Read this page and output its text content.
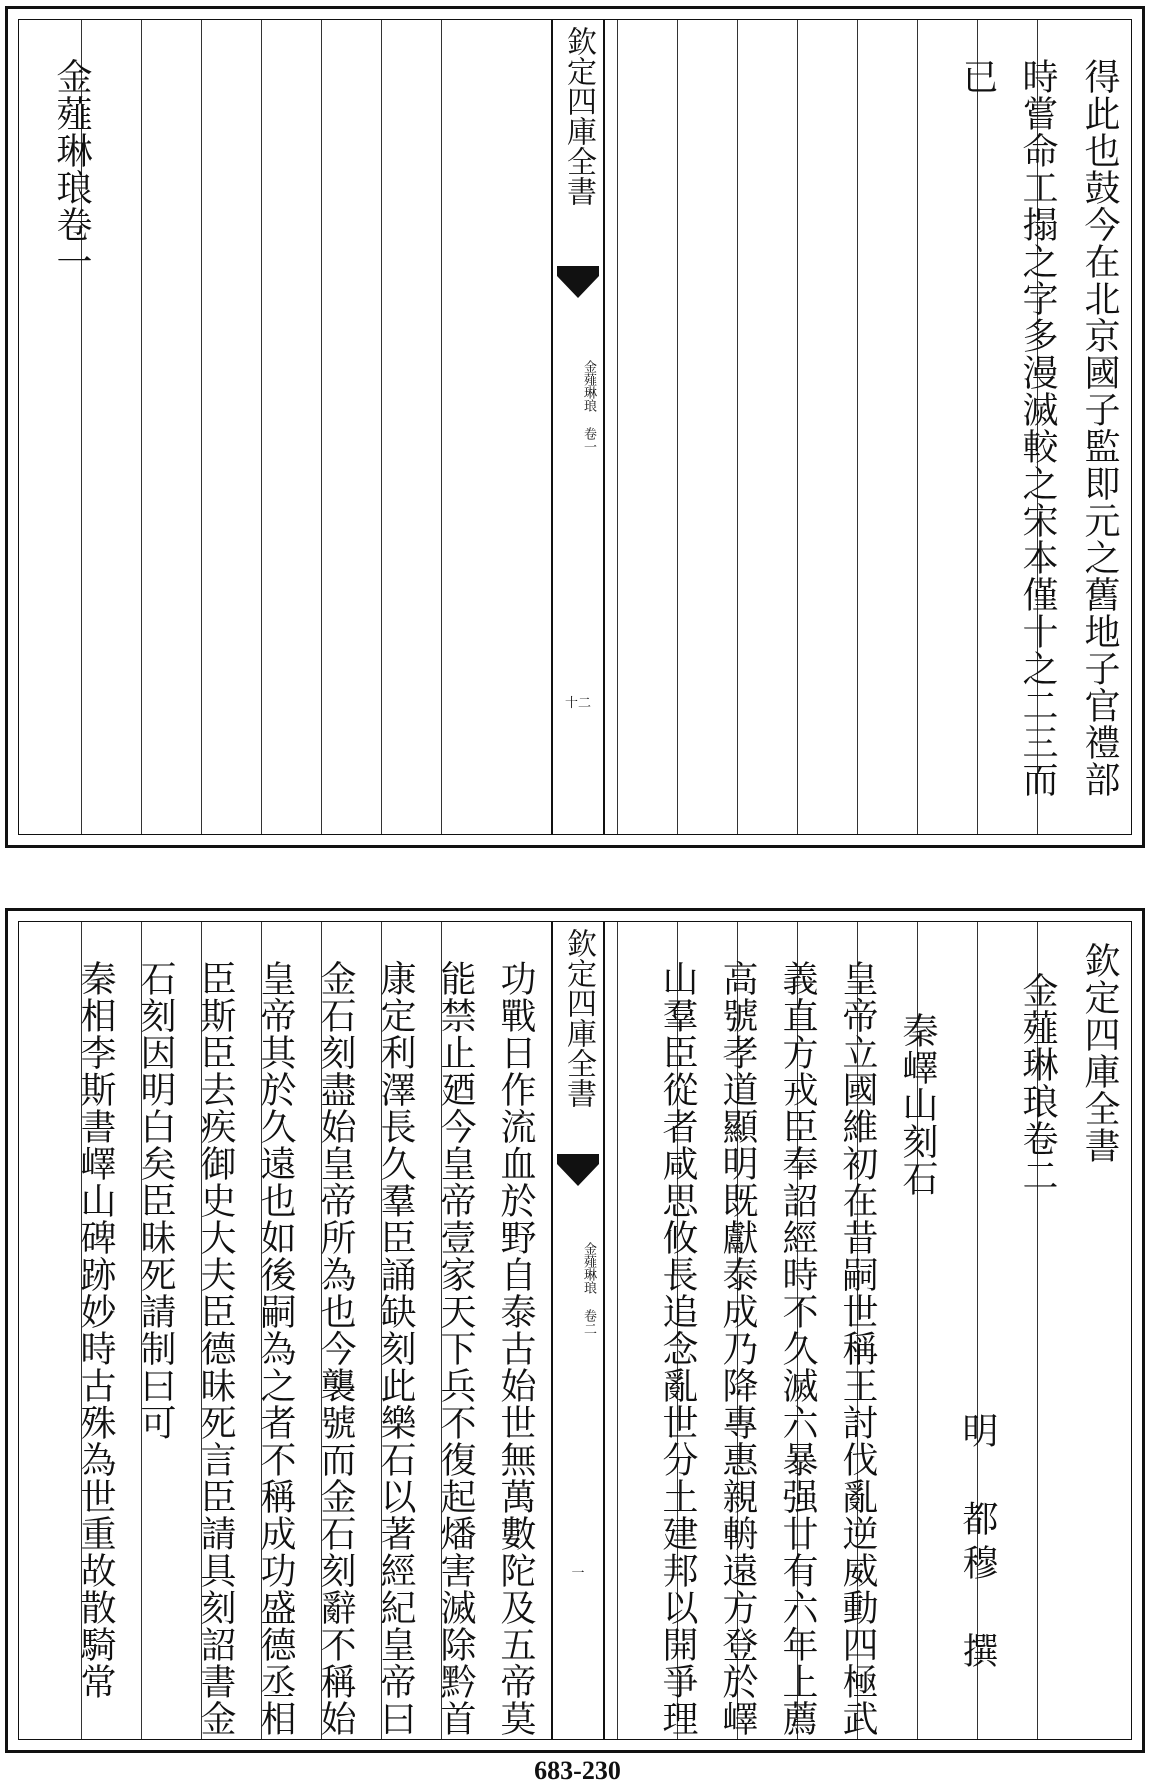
得此也鼓今在北京國子監即元之舊地子官禮部
時嘗命工搨之字多漫滅較之宋本僅十之二三而
已
欽定四庫全書
金薤琳琅 卷一
十二
金薤琳琅卷一
欽定四庫全書
金薤琳琅卷二
明　都穆　撰
秦嶧山刻石
皇帝立國維初在昔嗣世稱王討伐亂逆威動四極武
義直方戎臣奉詔經時不久滅六暴强廿有六年上薦
高號孝道顯明既獻泰成乃降專惠親輈遠方登於嶧
山羣臣從者咸思攸長追念亂世分土建邦以開爭理
欽定四庫全書
金薤琳琅 卷二
一
功戰日作流血於野自泰古始世無萬數陀及五帝莫
能禁止廼今皇帝壹家天下兵不復起燔害滅除黔首
康定利澤長久羣臣誦缺刻此樂石以著經紀皇帝曰
金石刻盡始皇帝所為也今襲號而金石刻辭不稱始
皇帝其於久遠也如後嗣為之者不稱成功盛德丞相
臣斯臣去疾御史大夫臣德昧死言臣請具刻詔書金
石刻因明白矣臣昧死請制曰可
秦相李斯書嶧山碑跡妙時古殊為世重故散騎常
683-230
